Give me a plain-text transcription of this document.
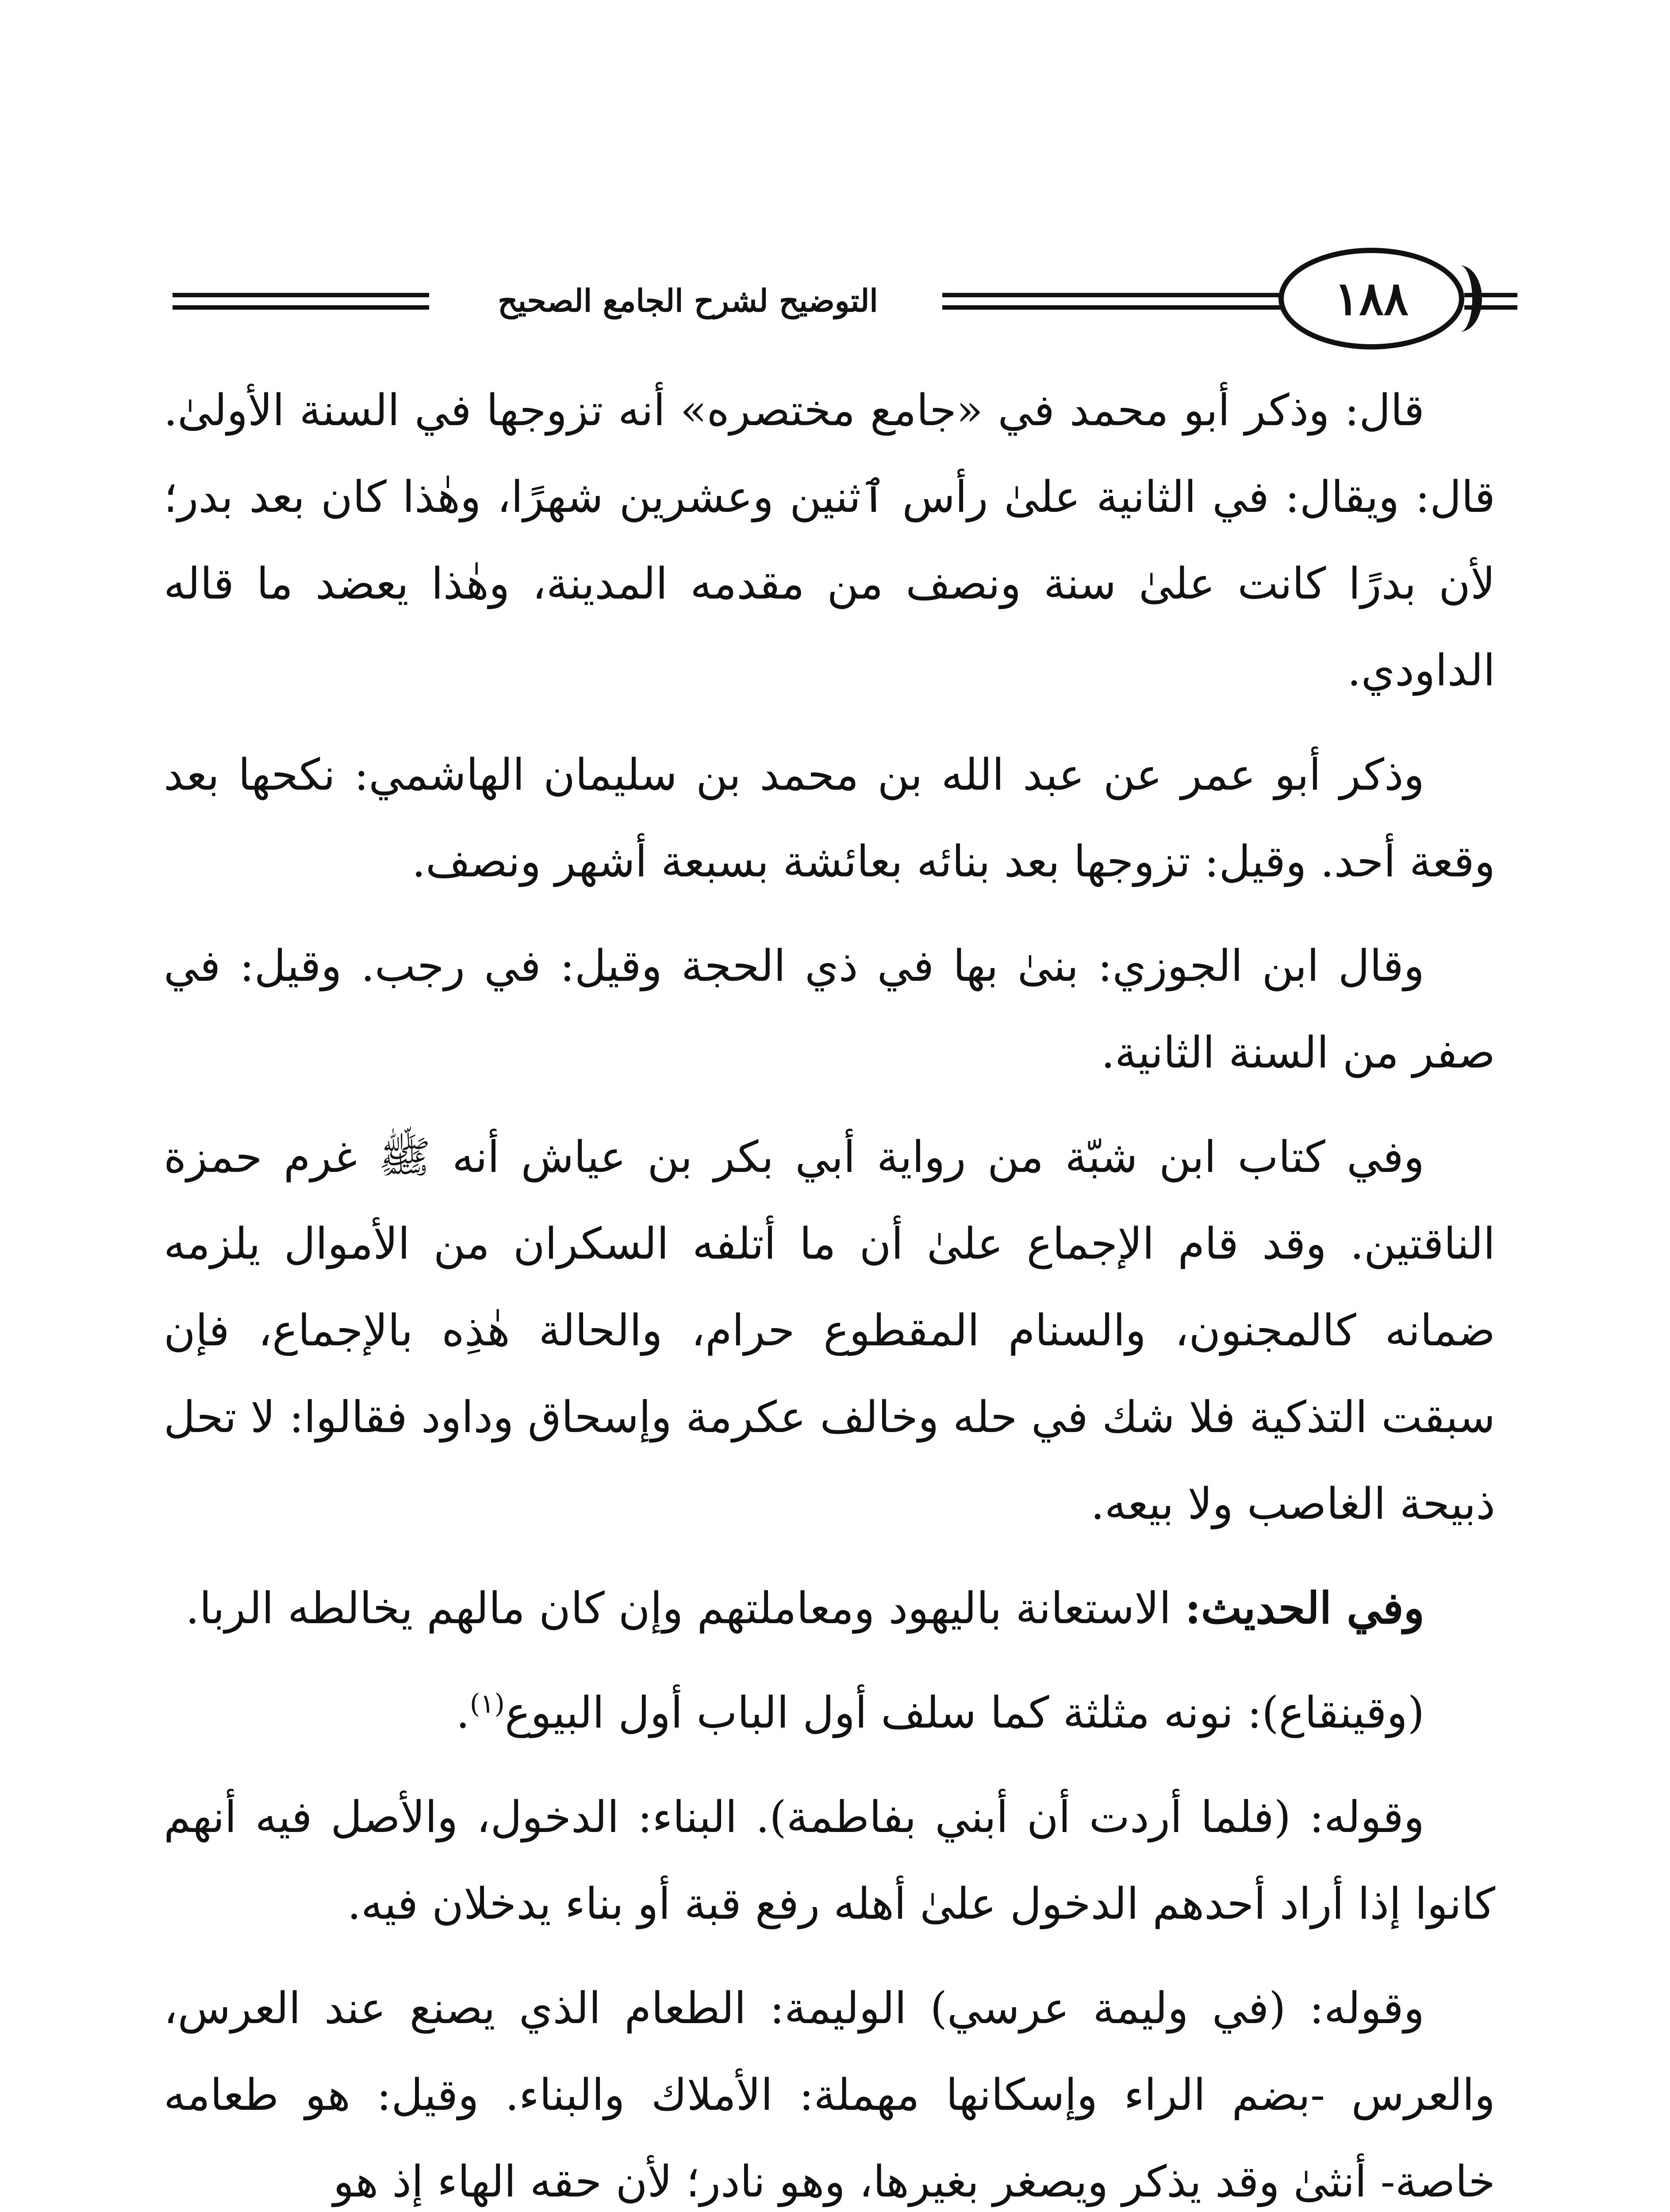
التوضيح لشرح الجامع الصحيح	١٨٨

قال: وذكر أبو محمد في «جامع مختصره» أنه تزوجها في السنة الأولىٰ. قال: ويقال: في الثانية علىٰ رأس ٱثنين وعشرين شهرًا، وهٰذا كان بعد بدر؛ لأن بدرًا كانت علىٰ سنة ونصف من مقدمه المدينة، وهٰذا يعضد ما قاله الداودي.

وذكر أبو عمر عن عبد الله بن محمد بن سليمان الهاشمي: نكحها بعد وقعة أحد. وقيل: تزوجها بعد بنائه بعائشة بسبعة أشهر ونصف.

وقال ابن الجوزي: بنىٰ بها في ذي الحجة وقيل: في رجب. وقيل: في صفر من السنة الثانية.

وفي كتاب ابن شبّة من رواية أبي بكر بن عياش أنه ﷺ غرم حمزة الناقتين. وقد قام الإجماع علىٰ أن ما أتلفه السكران من الأموال يلزمه ضمانه كالمجنون، والسنام المقطوع حرام، والحالة هٰذِه بالإجماع، فإن سبقت التذكية فلا شك في حله وخالف عكرمة وإسحاق وداود فقالوا: لا تحل ذبيحة الغاصب ولا بيعه.

وفي الحديث: الاستعانة باليهود ومعاملتهم وإن كان مالهم يخالطه الربا.

(وقينقاع): نونه مثلثة كما سلف أول الباب أول البيوع$^{(١)}$.

وقوله: (فلما أردت أن أبني بفاطمة). البناء: الدخول، والأصل فيه أنهم كانوا إذا أراد أحدهم الدخول علىٰ أهله رفع قبة أو بناء يدخلان فيه.

وقوله: (في وليمة عرسي) الوليمة: الطعام الذي يصنع عند العرس، والعرس -بضم الراء وإسكانها مهملة: الأملاك والبناء. وقيل: هو طعامه خاصة- أنثىٰ وقد يذكر ويصغر بغيرها، وهو نادر؛ لأن حقه الهاء إذ هو
